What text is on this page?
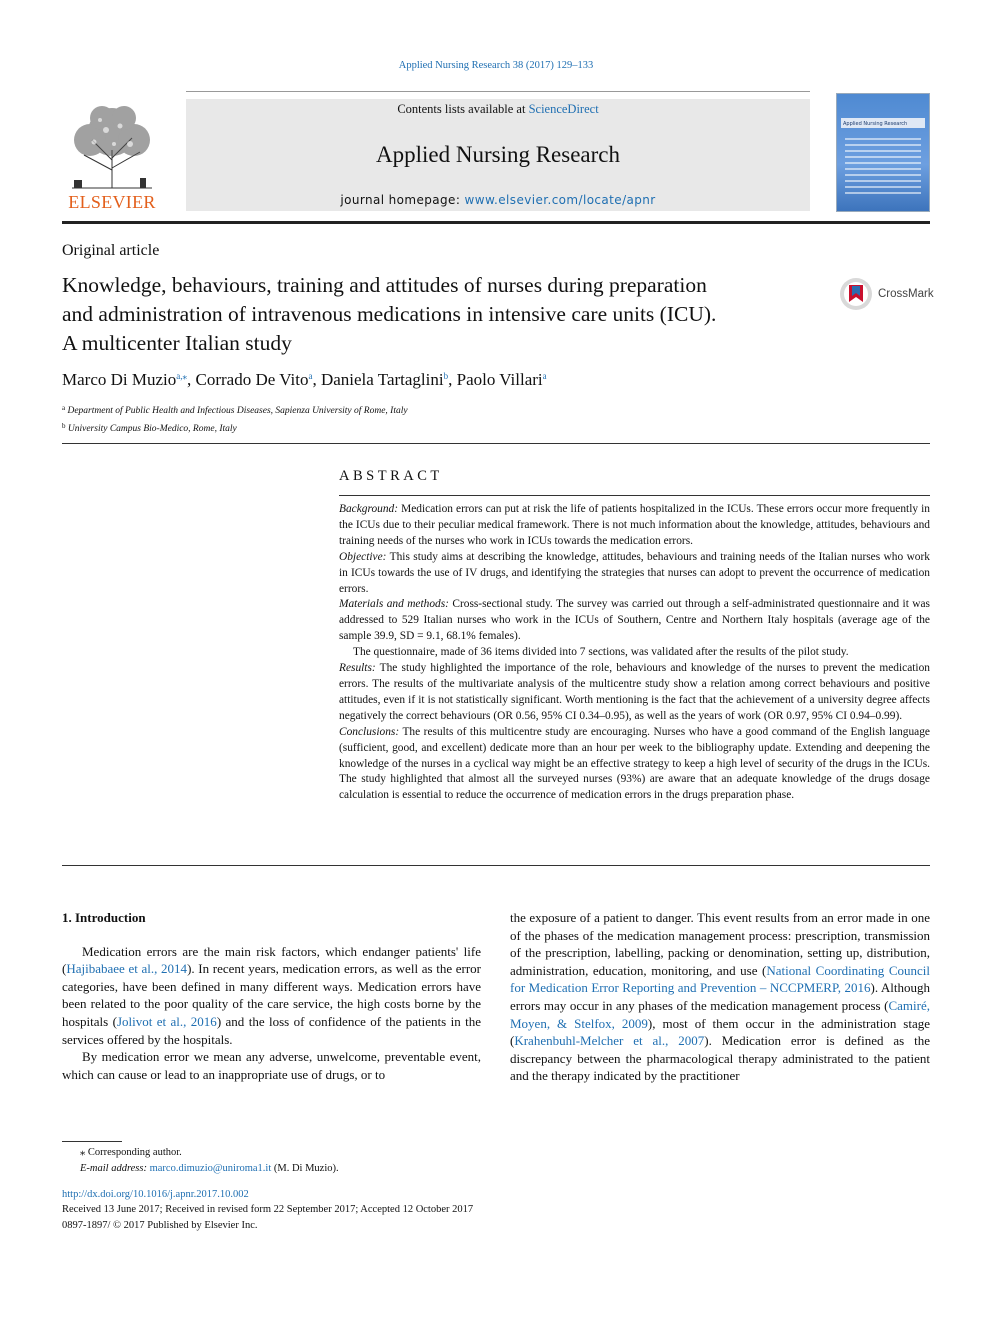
Applied Nursing Research 38 (2017) 129–133
ELSEVIER
Contents lists available at ScienceDirect
Applied Nursing Research
journal homepage: www.elsevier.com/locate/apnr
Applied Nursing Research
Original article
Knowledge, behaviours, training and attitudes of nurses during preparation
and administration of intravenous medications in intensive care units (ICU).
A multicenter Italian study
CrossMark
Marco Di Muzio$^{a,⁎}$, Corrado De Vito$^a$, Daniela Tartaglini$^b$, Paolo Villari$^a$
$^a$ Department of Public Health and Infectious Diseases, Sapienza University of Rome, Italy
$^b$ University Campus Bio-Medico, Rome, Italy
ABSTRACT

Background: Medication errors can put at risk the life of patients hospitalized in the ICUs. These errors occur more frequently in the ICUs due to their peculiar medical framework. There is not much information about the knowledge, attitudes, behaviours and training needs of the nurses who work in ICUs towards the medication errors.

Objective: This study aims at describing the knowledge, attitudes, behaviours and training needs of the Italian nurses who work in ICUs towards the use of IV drugs, and identifying the strategies that nurses can adopt to prevent the occurrence of medication errors.

Materials and methods: Cross-sectional study. The survey was carried out through a self-administrated questionnaire and it was addressed to 529 Italian nurses who work in the ICUs of Southern, Centre and Northern Italy hospitals (average age of the sample 39.9, SD = 9.1, 68.1% females).

The questionnaire, made of 36 items divided into 7 sections, was validated after the results of the pilot study.

Results: The study highlighted the importance of the role, behaviours and knowledge of the nurses to prevent the medication errors. The results of the multivariate analysis of the multicentre study show a relation among correct behaviours and positive attitudes, even if it is not statistically significant. Worth mentioning is the fact that the achievement of a university degree affects negatively the correct behaviours (OR 0.56, 95% CI 0.34–0.95), as well as the years of work (OR 0.97, 95% CI 0.94–0.99).

Conclusions: The results of this multicentre study are encouraging. Nurses who have a good command of the English language (sufficient, good, and excellent) dedicate more than an hour per week to the bibliography update. Extending and deepening the knowledge of the nurses in a cyclical way might be an effective strategy to keep a high level of security of the drugs in the ICUs. The study highlighted that almost all the surveyed nurses (93%) are aware that an adequate knowledge of the drugs dosage calculation is essential to reduce the occurrence of medication errors in the drugs preparation phase.

1. Introduction

Medication errors are the main risk factors, which endanger patients' life (Hajibabaee et al., 2014). In recent years, medication errors, as well as the error categories, have been defined in many different ways. Medication errors have been related to the poor quality of the care service, the high costs borne by the hospitals (Jolivot et al., 2016) and the loss of confidence of the patients in the services offered by the hospitals.

By medication error we mean any adverse, unwelcome, preventable event, which can cause or lead to an inappropriate use of drugs, or to

the exposure of a patient to danger. This event results from an error made in one of the phases of the medication management process: prescription, transmission of the prescription, labelling, packing or denomination, setting up, distribution, administration, education, monitoring, and use (National Coordinating Council for Medication Error Reporting and Prevention – NCCPMERP, 2016). Although errors may occur in any phases of the medication management process (Camiré, Moyen, & Stelfox, 2009), most of them occur in the administration stage (Krahenbuhl-Melcher et al., 2007). Medication error is defined as the discrepancy between the pharmacological therapy administrated to the patient and the therapy indicated by the practitioner

⁎ Corresponding author.
E-mail address: marco.dimuzio@uniroma1.it (M. Di Muzio).
http://dx.doi.org/10.1016/j.apnr.2017.10.002
Received 13 June 2017; Received in revised form 22 September 2017; Accepted 12 October 2017
0897-1897/ © 2017 Published by Elsevier Inc.
